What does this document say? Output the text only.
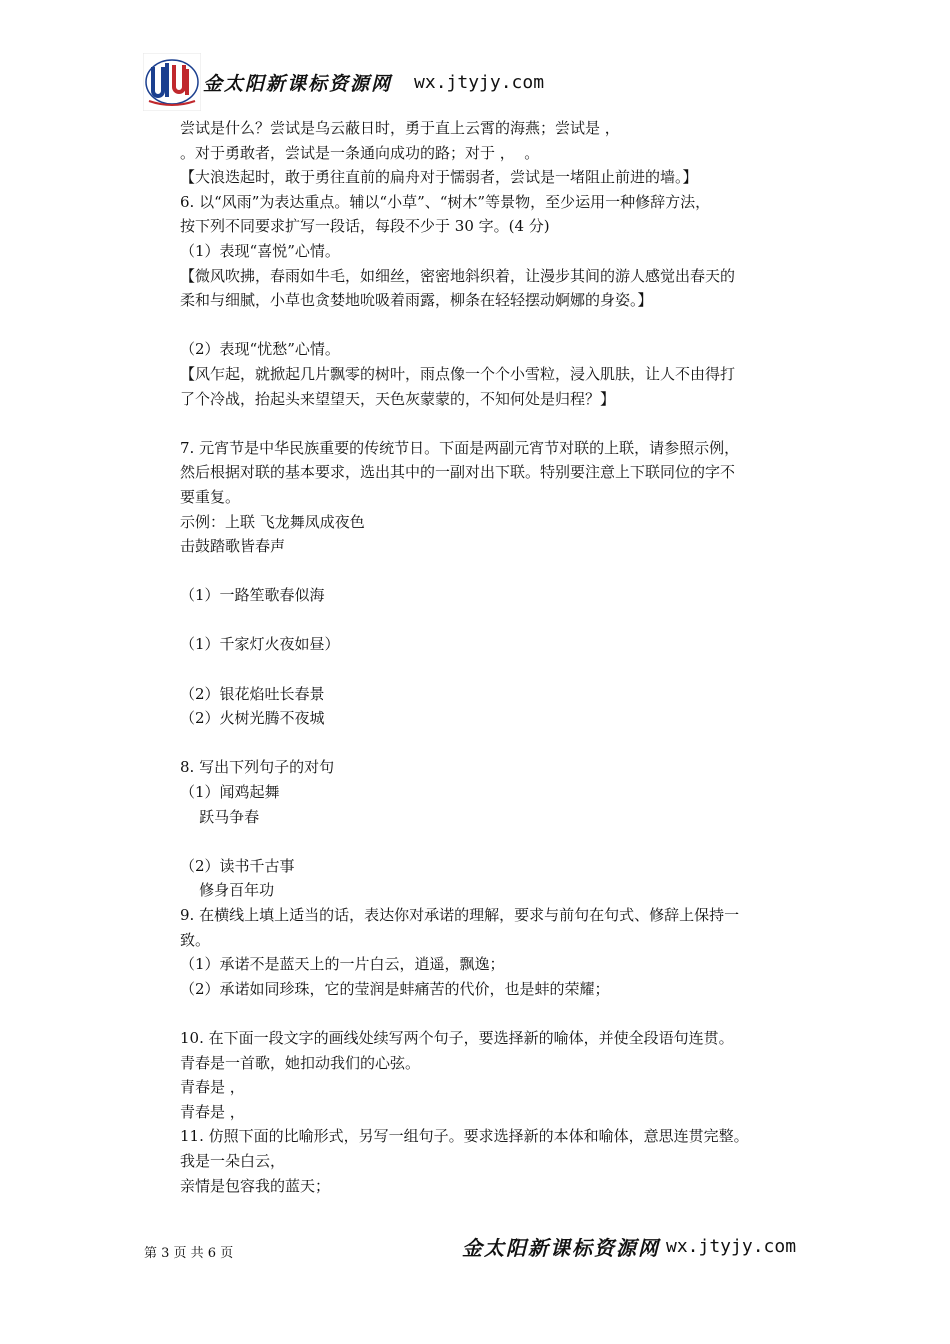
金太阳新课标资源网 wx.jtyjy.com
尝试是什么？尝试是乌云蔽日时，勇于直上云霄的海燕；尝试是 ，
。对于勇敢者，尝试是一条通向成功的路；对于 ，  。
【大浪迭起时，敢于勇往直前的扁舟对于懦弱者，尝试是一堵阻止前进的墙。】
6. 以“风雨”为表达重点。辅以“小草”、“树木”等景物，至少运用一种修辞方法，
按下列不同要求扩写一段话，每段不少于 30 字。(4 分)
（1）表现“喜悦”心情。
【微风吹拂，春雨如牛毛，如细丝，密密地斜织着，让漫步其间的游人感觉出春天的
柔和与细腻，小草也贪婪地吮吸着雨露，柳条在轻轻摆动婀娜的身姿。】
（2）表现“忧愁”心情。
【风乍起，就掀起几片飘零的树叶，雨点像一个个小雪粒，浸入肌肤，让人不由得打
了个冷战，抬起头来望望天，天色灰蒙蒙的，不知何处是归程？】
7. 元宵节是中华民族重要的传统节日。下面是两副元宵节对联的上联，请参照示例，
然后根据对联的基本要求，选出其中的一副对出下联。特别要注意上下联同位的字不
要重复。
示例：上联 飞龙舞凤成夜色
击鼓踏歌皆春声
（1）一路笙歌春似海
（1）千家灯火夜如昼）
（2）银花焰吐长春景
（2）火树光腾不夜城
8. 写出下列句子的对句
（1）闻鸡起舞
跃马争春
（2）读书千古事
修身百年功
9. 在横线上填上适当的话，表达你对承诺的理解，要求与前句在句式、修辞上保持一
致。
（1）承诺不是蓝天上的一片白云，逍遥，飘逸；
（2）承诺如同珍珠，它的莹润是蚌痛苦的代价，也是蚌的荣耀；
10. 在下面一段文字的画线处续写两个句子，要选择新的喻体，并使全段语句连贯。
青春是一首歌，她扣动我们的心弦。
青春是 ，
青春是 ，
11. 仿照下面的比喻形式，另写一组句子。要求选择新的本体和喻体，意思连贯完整。
我是一朵白云，
亲情是包容我的蓝天；
第 3 页 共 6 页	金太阳新课标资源网 wx.jtyjy.com
